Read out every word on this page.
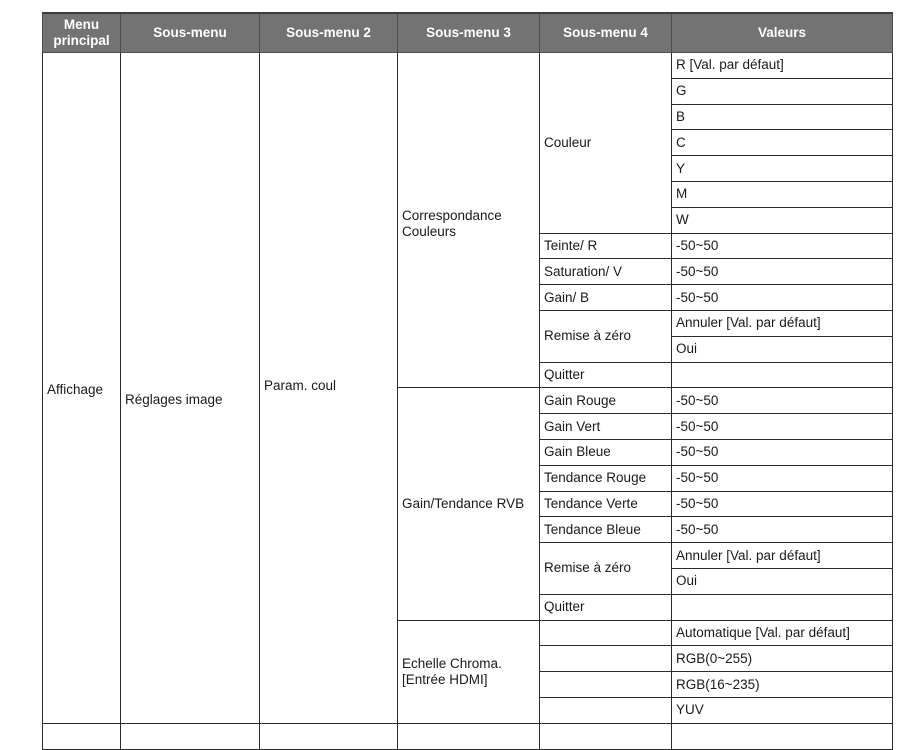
Menu principal	Sous-menu	Sous-menu 2	Sous-menu 3	Sous-menu 4	Valeurs
Affichage	Réglages image	Param. coul	Correspondance Couleurs	Couleur	R [Val. par défaut]
					G
					B
					C
					Y
					M
					W
				Teinte/ R	-50~50
				Saturation/ V	-50~50
				Gain/ B	-50~50
				Remise à zéro	Annuler [Val. par défaut]
					Oui
				Quitter	
			Gain/Tendance RVB	Gain Rouge	-50~50
				Gain Vert	-50~50
				Gain Bleue	-50~50
				Tendance Rouge	-50~50
				Tendance Verte	-50~50
				Tendance Bleue	-50~50
				Remise à zéro	Annuler [Val. par défaut]
					Oui
				Quitter	
			Echelle Chroma. [Entrée HDMI]		Automatique [Val. par défaut]
					RGB(0~255)
					RGB(16~235)
					YUV
